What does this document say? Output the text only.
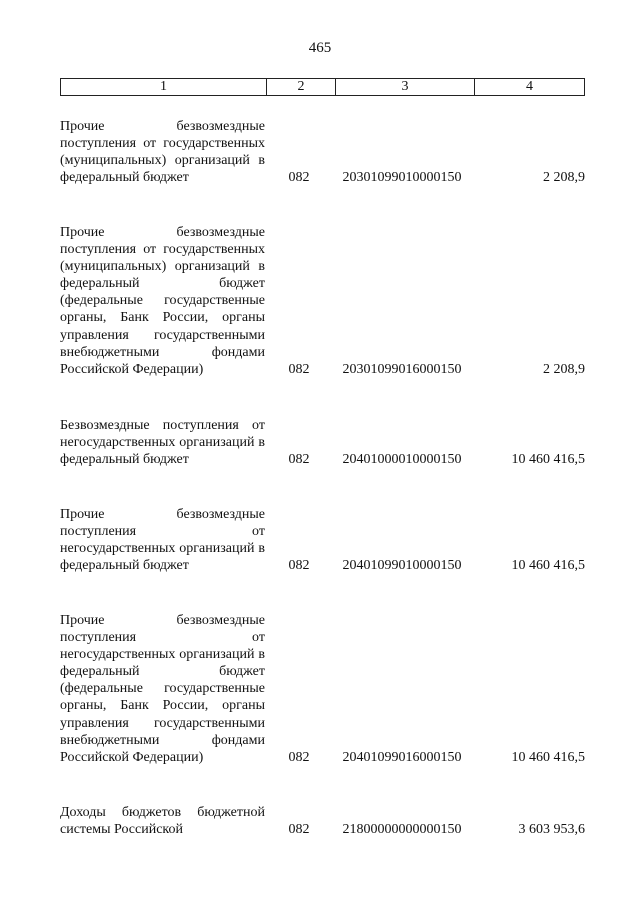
465
1	2	3	4
Прочие безвозмездные поступления от государственных (муниципальных) организаций в федеральный бюджет	082	20301099010000150	2 208,9
Прочие безвозмездные поступления от государственных (муниципальных) организаций в федеральный бюджет (федеральные государственные органы, Банк России, органы управления государственными внебюджетными фондами Российской Федерации)	082	20301099016000150	2 208,9
Безвозмездные поступления от негосударственных организаций в федеральный бюджет	082	20401000010000150	10 460 416,5
Прочие безвозмездные поступления от негосударственных организаций в федеральный бюджет	082	20401099010000150	10 460 416,5
Прочие безвозмездные поступления от негосударственных организаций в федеральный бюджет (федеральные государственные органы, Банк России, органы управления государственными внебюджетными фондами Российской Федерации)	082	20401099016000150	10 460 416,5
Доходы бюджетов бюджетной системы Российской	082	21800000000000150	3 603 953,6
